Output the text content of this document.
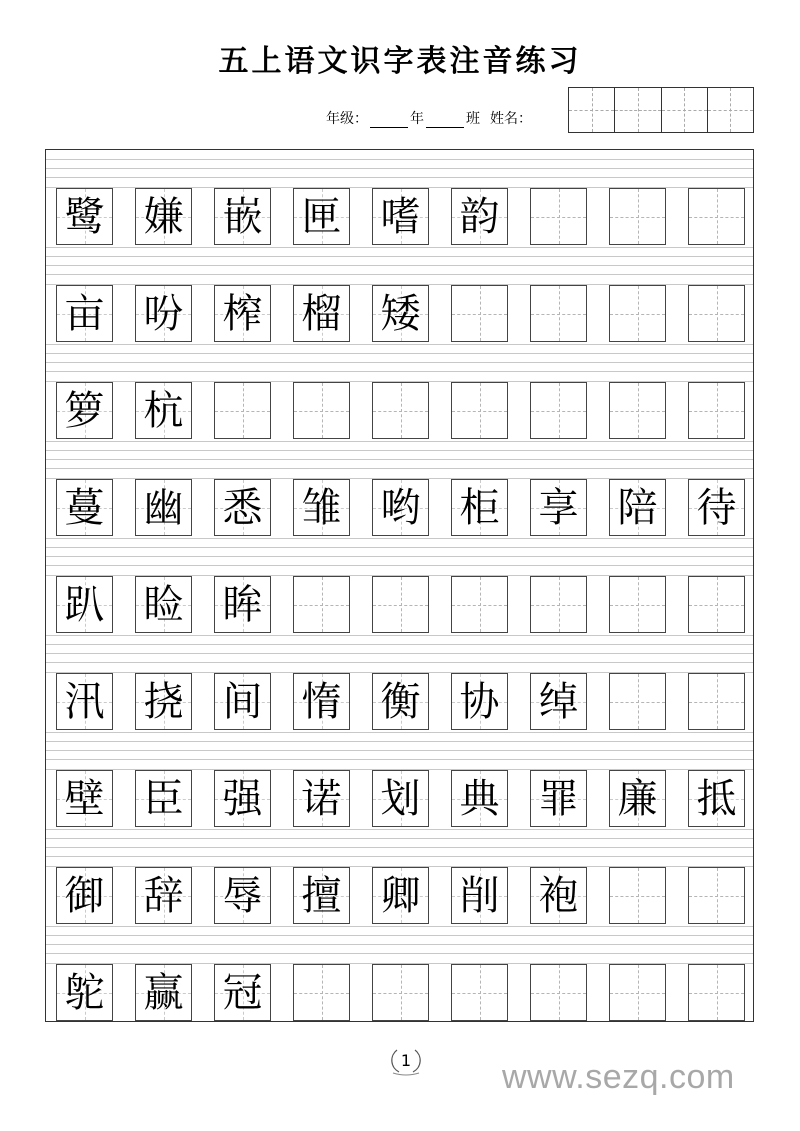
五上语文识字表注音练习
年级：	年	班 姓名：
鹭 嫌 嵌 匣 嗜 韵
亩 吩 榨 榴 矮
箩 杭
蔓 幽 悉 雏 哟 柜 享 陪 待
趴 睑 眸
汛 挠 间 惰 衡 协 绰
壁 臣 强 诺 划 典 罪 廉 抵
御 辞 辱 擅 卿 削 袍
鸵 赢 冠
1	www.sezq.com
